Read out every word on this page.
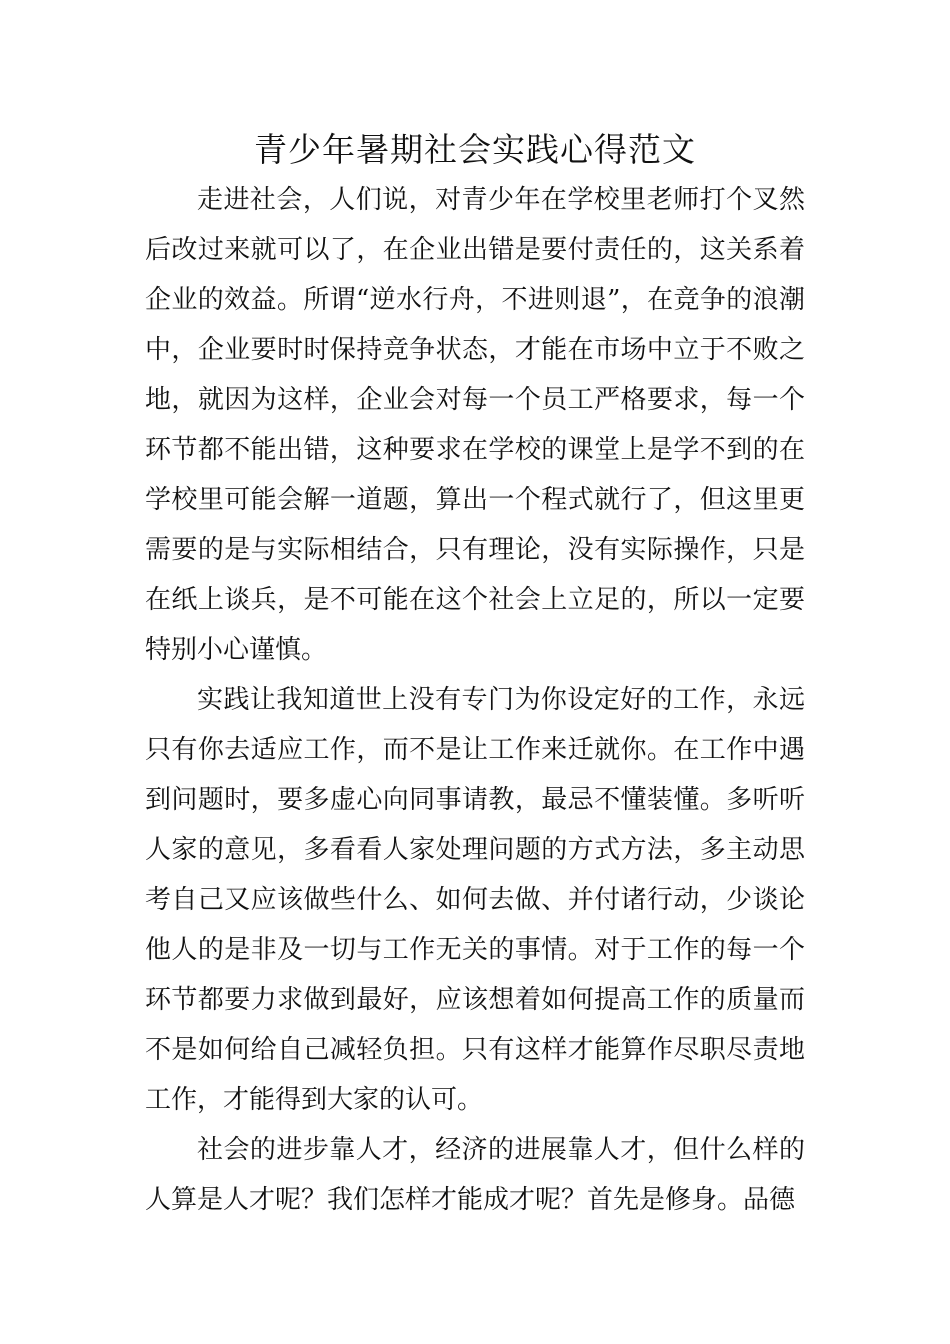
青少年暑期社会实践心得范文

走进社会，人们说，对青少年在学校里老师打个叉然后改过来就可以了，在企业出错是要付责任的，这关系着企业的效益。所谓“逆水行舟，不进则退”，在竞争的浪潮中，企业要时时保持竞争状态，才能在市场中立于不败之地，就因为这样，企业会对每一个员工严格要求，每一个环节都不能出错，这种要求在学校的课堂上是学不到的在学校里可能会解一道题，算出一个程式就行了，但这里更需要的是与实际相结合，只有理论，没有实际操作，只是在纸上谈兵，是不可能在这个社会上立足的，所以一定要特别小心谨慎。

实践让我知道世上没有专门为你设定好的工作，永远只有你去适应工作，而不是让工作来迁就你。在工作中遇到问题时，要多虚心向同事请教，最忌不懂装懂。多听听人家的意见，多看看人家处理问题的方式方法，多主动思考自己又应该做些什么、如何去做、并付诸行动，少谈论他人的是非及一切与工作无关的事情。对于工作的每一个环节都要力求做到最好，应该想着如何提高工作的质量而不是如何给自己减轻负担。只有这样才能算作尽职尽责地工作，才能得到大家的认可。

社会的进步靠人才，经济的进展靠人才，但什么样的人算是人才呢？我们怎样才能成才呢？首先是修身。品德
